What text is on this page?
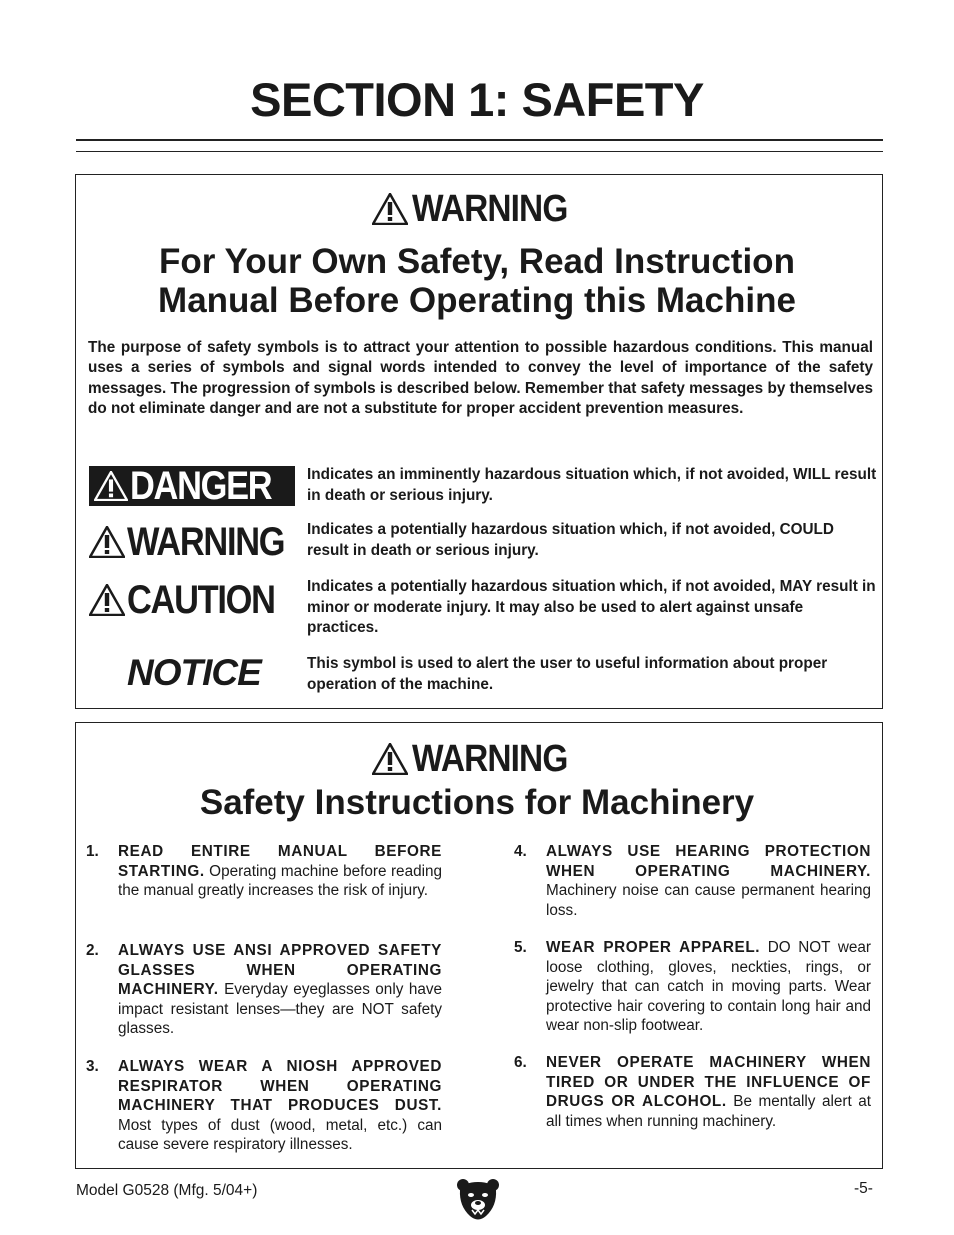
SECTION 1: SAFETY
WARNING
For Your Own Safety, Read Instruction
Manual Before Operating this Machine
The purpose of safety symbols is to attract your attention to possible hazardous conditions. This manual uses a series of symbols and signal words intended to convey the level of importance of the safety messages. The progression of symbols is described below. Remember that safety messages by themselves do not eliminate danger and are not a substitute for proper accident prevention measures.
DANGER Indicates an imminently hazardous situation which, if not avoided, WILL result in death or serious injury.
WARNING Indicates a potentially hazardous situation which, if not avoided, COULD result in death or serious injury.
CAUTION Indicates a potentially hazardous situation which, if not avoided, MAY result in minor or moderate injury. It may also be used to alert against unsafe practices.
NOTICE	This symbol is used to alert the user to useful information about proper operation of the machine.
WARNING
Safety Instructions for Machinery
1. READ ENTIRE MANUAL BEFORE STARTING. Operating machine before reading the manual greatly increases the risk of injury.
2. ALWAYS USE ANSI APPROVED SAFETY GLASSES WHEN OPERATING MACHINERY. Everyday eyeglasses only have impact resistant lenses—they are NOT safety glasses.
3. ALWAYS WEAR A NIOSH APPROVED RESPIRATOR WHEN OPERATING MACHINERY THAT PRODUCES DUST. Most types of dust (wood, metal, etc.) can cause severe respiratory illnesses.
4. ALWAYS USE HEARING PROTECTION WHEN OPERATING MACHINERY. Machinery noise can cause permanent hearing loss.
5. WEAR PROPER APPAREL. DO NOT wear loose clothing, gloves, neckties, rings, or jewelry that can catch in moving parts. Wear protective hair covering to contain long hair and wear non-slip footwear.
6. NEVER OPERATE MACHINERY WHEN TIRED OR UNDER THE INFLUENCE OF DRUGS OR ALCOHOL. Be mentally alert at all times when running machinery.
Model G0528 (Mfg. 5/04+)	-5-
